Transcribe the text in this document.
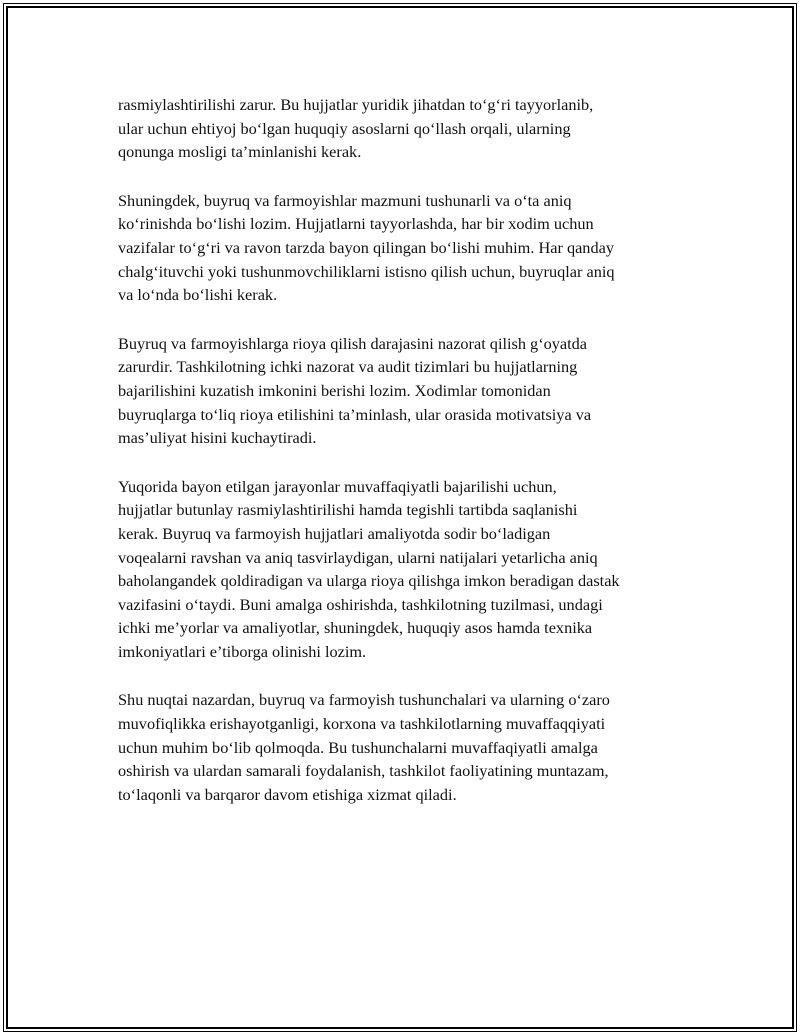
rasmiylashtirilishi zarur. Bu hujjatlar yuridik jihatdan to‘g‘ri tayyorlanib,
ular uchun ehtiyoj bo‘lgan huquqiy asoslarni qo‘llash orqali, ularning
qonunga mosligi ta’minlanishi kerak.

Shuningdek, buyruq va farmoyishlar mazmuni tushunarli va o‘ta aniq
ko‘rinishda bo‘lishi lozim. Hujjatlarni tayyorlashda, har bir xodim uchun
vazifalar to‘g‘ri va ravon tarzda bayon qilingan bo‘lishi muhim. Har qanday
chalg‘ituvchi yoki tushunmovchiliklarni istisno qilish uchun, buyruqlar aniq
va lo‘nda bo‘lishi kerak.

Buyruq va farmoyishlarga rioya qilish darajasini nazorat qilish g‘oyatda
zarurdir. Tashkilotning ichki nazorat va audit tizimlari bu hujjatlarning
bajarilishini kuzatish imkonini berishi lozim. Xodimlar tomonidan
buyruqlarga to‘liq rioya etilishini ta’minlash, ular orasida motivatsiya va
mas’uliyat hisini kuchaytiradi.

Yuqorida bayon etilgan jarayonlar muvaffaqiyatli bajarilishi uchun,
hujjatlar butunlay rasmiylashtirilishi hamda tegishli tartibda saqlanishi
kerak. Buyruq va farmoyish hujjatlari amaliyotda sodir bo‘ladigan
voqealarni ravshan va aniq tasvirlaydigan, ularni natijalari yetarlicha aniq
baholangandek qoldiradigan va ularga rioya qilishga imkon beradigan dastak
vazifasini o‘taydi. Buni amalga oshirishda, tashkilotning tuzilmasi, undagi
ichki me’yorlar va amaliyotlar, shuningdek, huquqiy asos hamda texnika
imkoniyatlari e’tiborga olinishi lozim.

Shu nuqtai nazardan, buyruq va farmoyish tushunchalari va ularning o‘zaro
muvofiqlikka erishayotganligi, korxona va tashkilotlarning muvaffaqqiyati
uchun muhim bo‘lib qolmoqda. Bu tushunchalarni muvaffaqiyatli amalga
oshirish va ulardan samarali foydalanish, tashkilot faoliyatining muntazam,
to‘laqonli va barqaror davom etishiga xizmat qiladi.
